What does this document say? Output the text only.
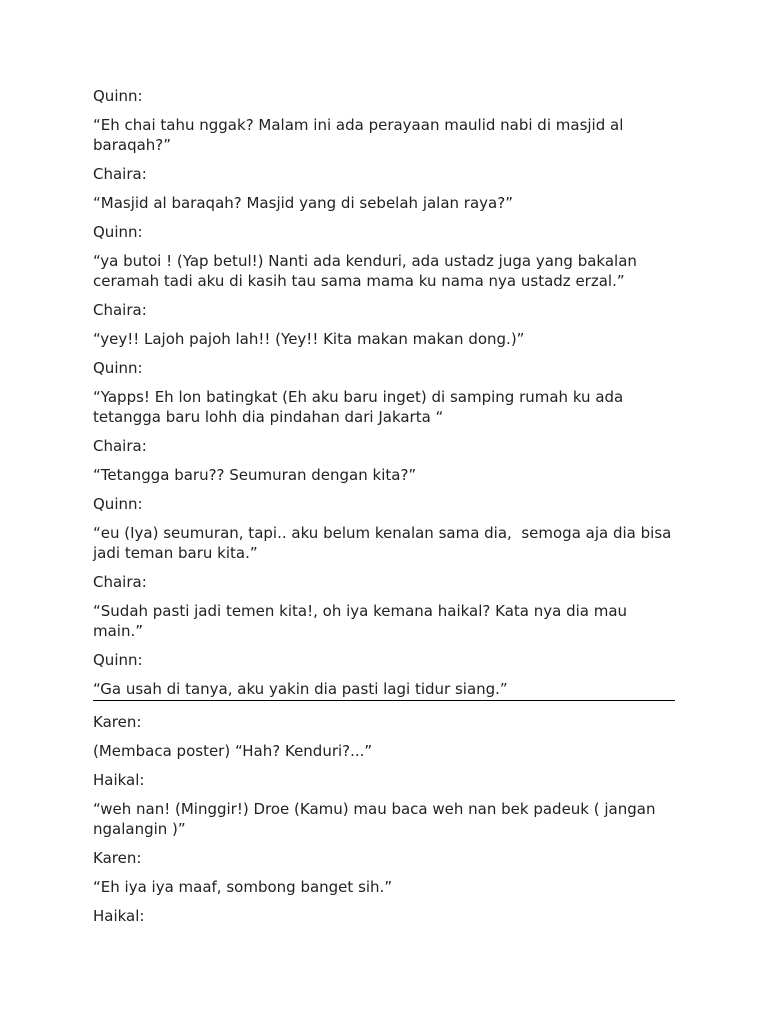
Quinn:

“Eh chai tahu nggak? Malam ini ada perayaan maulid nabi di masjid al baraqah?”

Chaira:

“Masjid al baraqah? Masjid yang di sebelah jalan raya?”

Quinn:

“ya butoi ! (Yap betul!) Nanti ada kenduri, ada ustadz juga yang bakalan ceramah tadi aku di kasih tau sama mama ku nama nya ustadz erzal.”

Chaira:

“yey!! Lajoh pajoh lah!! (Yey!! Kita makan makan dong.)”

Quinn:

“Yapps! Eh lon batingkat (Eh aku baru inget) di samping rumah ku ada tetangga baru lohh dia pindahan dari Jakarta “

Chaira:

“Tetangga baru?? Seumuran dengan kita?”

Quinn:

“eu (Iya) seumuran, tapi.. aku belum kenalan sama dia,  semoga aja dia bisa jadi teman baru kita.”

Chaira:

“Sudah pasti jadi temen kita!, oh iya kemana haikal? Kata nya dia mau main.”

Quinn:

“Ga usah di tanya, aku yakin dia pasti lagi tidur siang.”

Karen:

(Membaca poster) “Hah? Kenduri?...”

Haikal:

“weh nan! (Minggir!) Droe (Kamu) mau baca weh nan bek padeuk ( jangan ngalangin )”

Karen:

“Eh iya iya maaf, sombong banget sih.”

Haikal:
